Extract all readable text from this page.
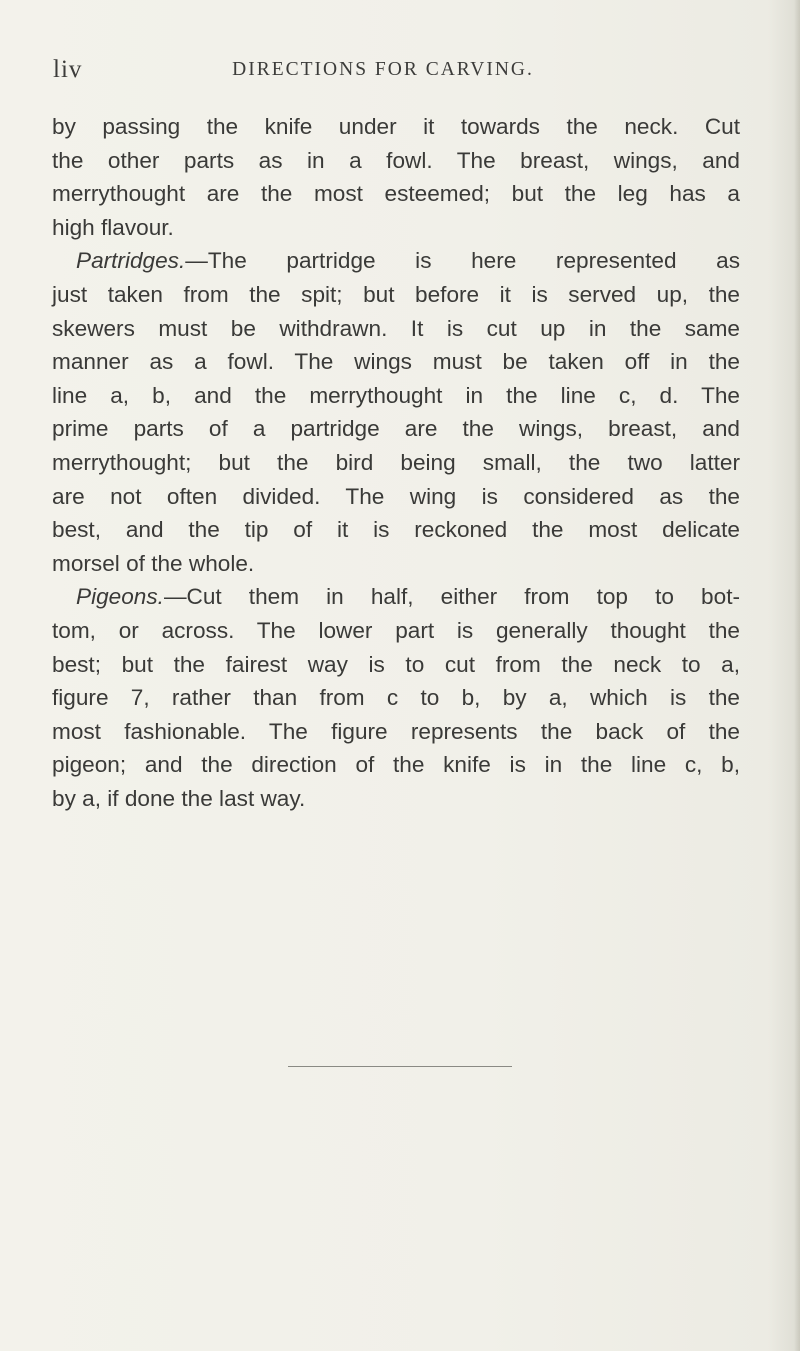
liv	DIRECTIONS FOR CARVING.
by passing the knife under it towards the neck. Cut
the other parts as in a fowl. The breast, wings, and
merrythought are the most esteemed; but the leg has a
high flavour.
Partridges.—The partridge is here represented as
just taken from the spit; but before it is served up, the
skewers must be withdrawn. It is cut up in the same
manner as a fowl. The wings must be taken off in the
line a, b, and the merrythought in the line c, d. The
prime parts of a partridge are the wings, breast, and
merrythought; but the bird being small, the two latter
are not often divided. The wing is considered as the
best, and the tip of it is reckoned the most delicate
morsel of the whole.
Pigeons.—Cut them in half, either from top to bot-
tom, or across. The lower part is generally thought the
best; but the fairest way is to cut from the neck to a,
figure 7, rather than from c to b, by a, which is the
most fashionable. The figure represents the back of the
pigeon; and the direction of the knife is in the line c, b,
by a, if done the last way.
